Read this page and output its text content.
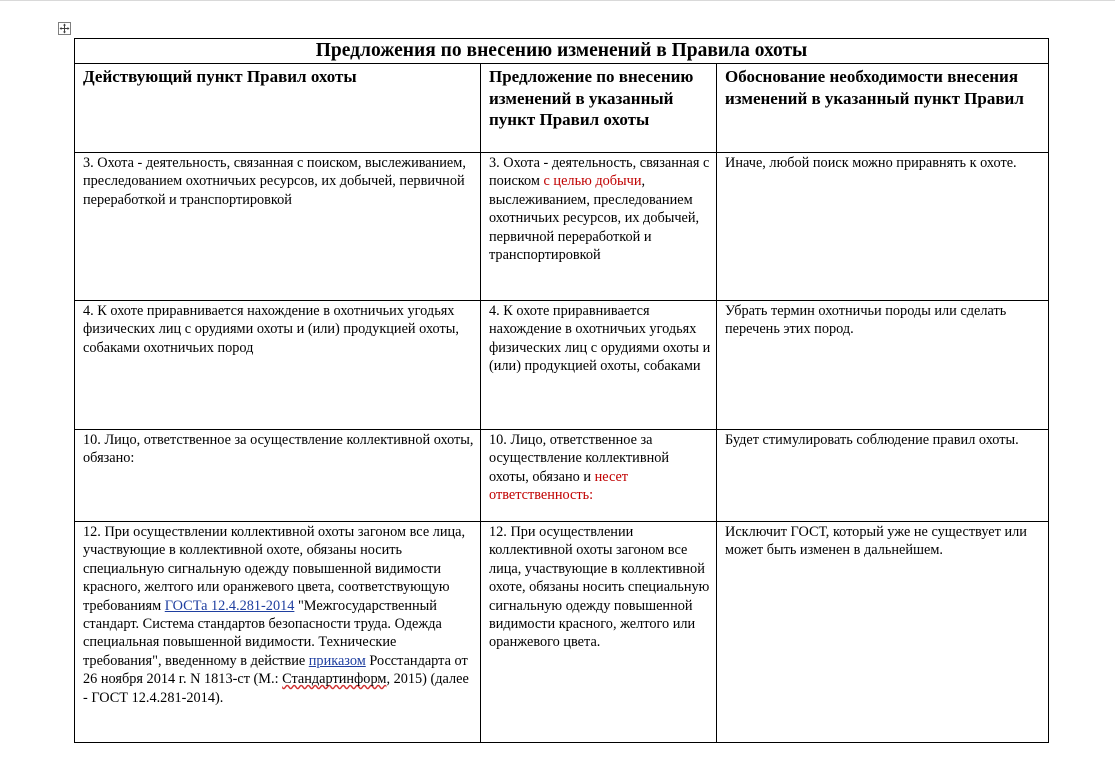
Предложения по внесению изменений в Правила охоты		
Действующий пункт Правил охоты	Предложение по внесению изменений в указанный пункт Правил охоты	Обоснование необходимости внесения изменений в указанный пункт Правил
3. Охота - деятельность, связанная с поиском, выслеживанием, преследованием охотничьих ресурсов, их добычей, первичной переработкой и транспортировкой	3. Охота - деятельность, связанная с поиском с целью добычи, выслеживанием, преследованием охотничьих ресурсов, их добычей, первичной переработкой и транспортировкой	Иначе, любой поиск можно приравнять к охоте.
4. К охоте приравнивается нахождение в охотничьих угодьях физических лиц с орудиями охоты и (или) продукцией охоты, собаками охотничьих пород	4. К охоте приравнивается нахождение в охотничьих угодьях физических лиц с орудиями охоты и (или) продукцией охоты, собаками	Убрать термин охотничьи породы или сделать перечень этих пород.
10. Лицо, ответственное за осуществление коллективной охоты, обязано:	10. Лицо, ответственное за осуществление коллективной охоты, обязано и несет ответственность:	Будет стимулировать соблюдение правил охоты.
12. При осуществлении коллективной охоты загоном все лица, участвующие в коллективной охоте, обязаны носить специальную сигнальную одежду повышенной видимости красного, желтого или оранжевого цвета, соответствующую требованиям ГОСТа 12.4.281-2014 "Межгосударственный стандарт. Система стандартов безопасности труда. Одежда специальная повышенной видимости. Технические требования", введенному в действие приказом Росстандарта от 26 ноября 2014 г. N 1813-ст (М.: Стандартинформ, 2015) (далее - ГОСТ 12.4.281-2014).	12. При осуществлении коллективной охоты загоном все лица, участвующие в коллективной охоте, обязаны носить специальную сигнальную одежду повышенной видимости красного, желтого или оранжевого цвета.	Исключит ГОСТ, который уже не существует или может быть изменен в дальнейшем.
